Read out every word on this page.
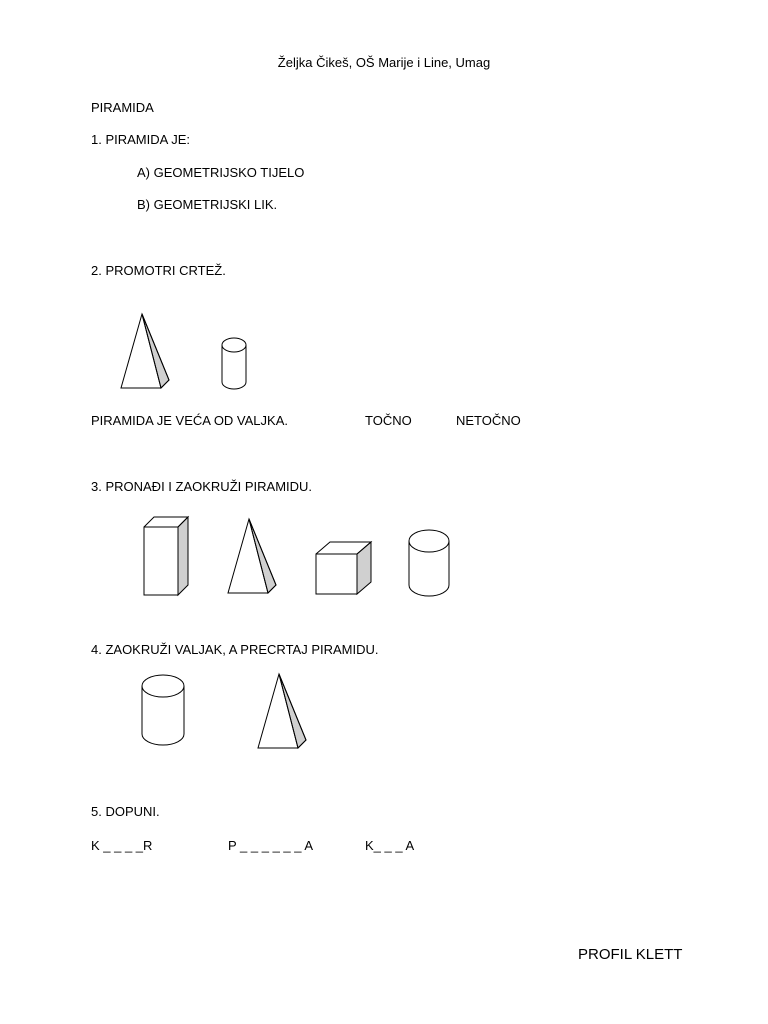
Željka Čikeš, OŠ Marije i Line, Umag
PIRAMIDA
1. PIRAMIDA JE:
A) GEOMETRIJSKO TIJELO
B) GEOMETRIJSKI LIK.
2. PROMOTRI CRTEŽ.
PIRAMIDA JE VEĆA OD VALJKA.	TOČNO	NETOČNO
3. PRONAĐI I ZAOKRUŽI PIRAMIDU.
4. ZAOKRUŽI VALJAK, A PRECRTAJ PIRAMIDU.
5. DOPUNI.
K _ _ _ _R	P _ _ _ _ _ _ A	K_ _ _ A
PROFIL KLETT
